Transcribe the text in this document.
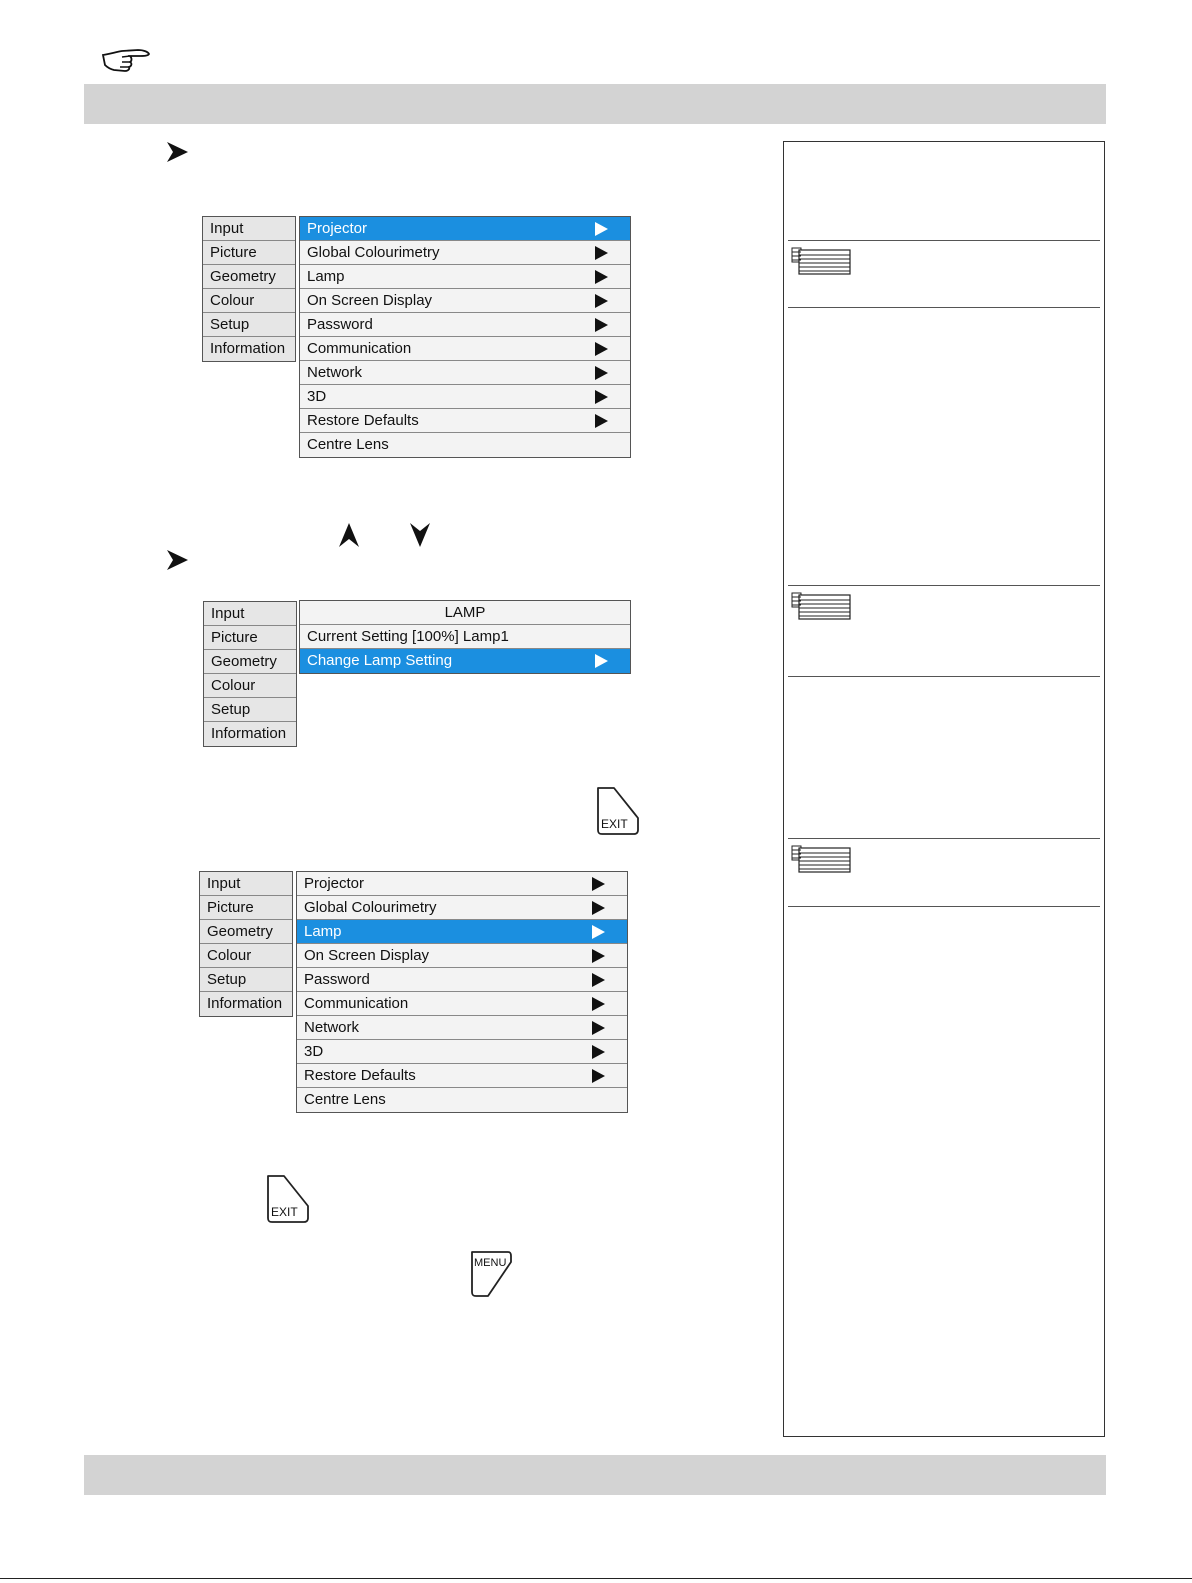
Input
Picture
Geometry
Colour
Setup
Information
Projector
Global Colourimetry
Lamp
On Screen Display
Password
Communication
Network
3D
Restore Defaults
Centre Lens
Input
Picture
Geometry
Colour
Setup
Information
LAMP
Current Setting [100%] Lamp1
Change Lamp Setting
EXIT
Input
Picture
Geometry
Colour
Setup
Information
Projector
Global Colourimetry
Lamp
On Screen Display
Password
Communication
Network
3D
Restore Defaults
Centre Lens
EXIT
MENU
